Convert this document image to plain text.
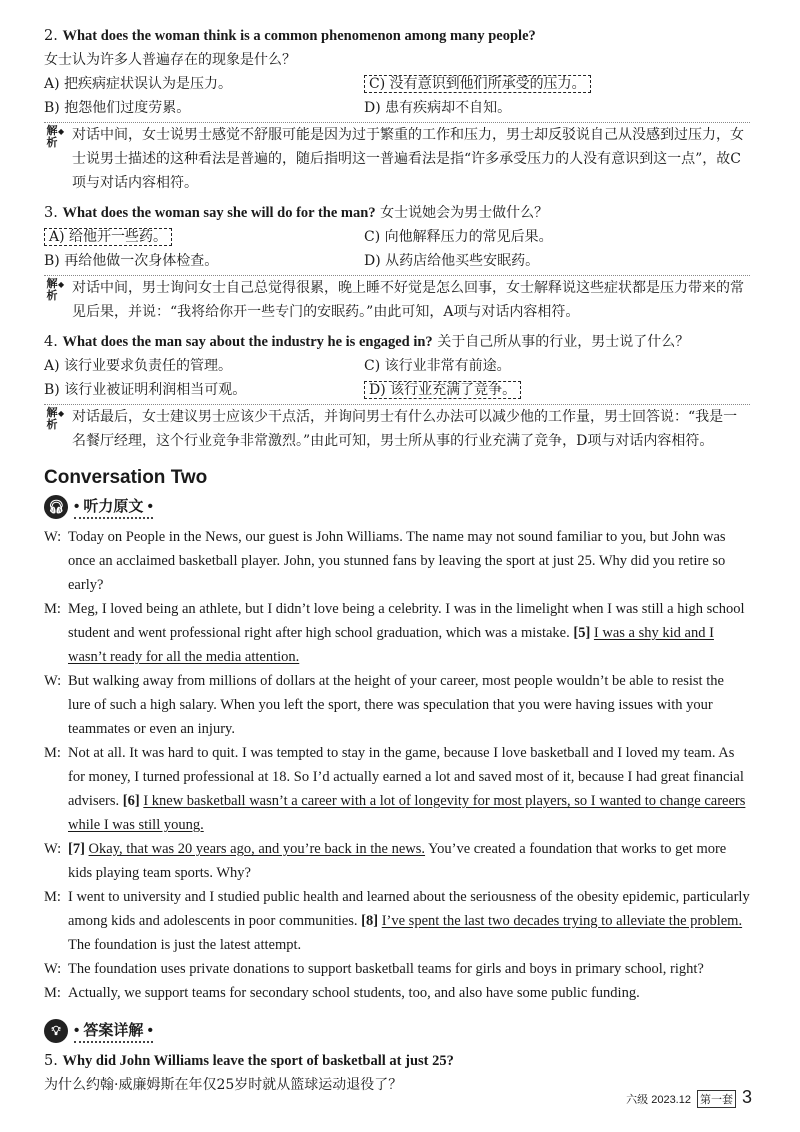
2. What does the woman think is a common phenomenon among many people?
女士认为许多人普遍存在的现象是什么？
A) 把疾病症状误认为是压力。	C) 没有意识到他们所承受的压力。
B) 抱怨他们过度劳累。	D) 患有疾病却不自知。
解析 ◆ 对话中间，女士说男士感觉不舒服可能是因为过于繁重的工作和压力，男士却反驳说自己从没感到过压力，女士说男士描述的这种看法是普遍的，随后指明这一普遍看法是指“许多承受压力的人没有意识到这一点”，故C项与对话内容相符。
3. What does the woman say she will do for the man? 女士说她会为男士做什么？
A) 给他开一些药。	C) 向他解释压力的常见后果。
B) 再给他做一次身体检查。	D) 从药店给他买些安眠药。
解析 ◆ 对话中间，男士询问女士自己总觉得很累，晚上睡不好觉是怎么回事，女士解释说这些症状都是压力带来的常见后果，并说：“我将给你开一些专门的安眠药。”由此可知，A项与对话内容相符。
4. What does the man say about the industry he is engaged in? 关于自己所从事的行业，男士说了什么？
A) 该行业要求负责任的管理。	C) 该行业非常有前途。
B) 该行业被证明利润相当可观。	D) 该行业充满了竞争。
解析 ◆ 对话最后，女士建议男士应该少干点活，并询问男士有什么办法可以减少他的工作量，男士回答说：“我是一名餐厅经理，这个行业竞争非常激烈。”由此可知，男士所从事的行业充满了竞争，D项与对话内容相符。
Conversation Two
🎧︎ • 听力原文 •
W: Today on People in the News, our guest is John Williams. The name may not sound familiar to you, but John was once an acclaimed basketball player. John, you stunned fans by leaving the sport at just 25. Why did you retire so early?
M: Meg, I loved being an athlete, but I didn’t love being a celebrity. I was in the limelight when I was still a high school student and went professional right after high school graduation, which was a mistake. [5] I was a shy kid and I wasn’t ready for all the media attention.
W: But walking away from millions of dollars at the height of your career, most people wouldn’t be able to resist the lure of such a high salary. When you left the sport, there was speculation that you were having issues with your teammates or even an injury.
M: Not at all. It was hard to quit. I was tempted to stay in the game, because I love basketball and I loved my team. As for money, I turned professional at 18. So I’d actually earned a lot and saved most of it, because I had great financial advisers. [6] I knew basketball wasn’t a career with a lot of longevity for most players, so I wanted to change careers while I was still young.
W: [7] Okay, that was 20 years ago, and you’re back in the news. You’ve created a foundation that works to get more kids playing team sports. Why?
M: I went to university and I studied public health and learned about the seriousness of the obesity epidemic, particularly among kids and adolescents in poor communities. [8] I’ve spent the last two decades trying to alleviate the problem. The foundation is just the latest attempt.
W: The foundation uses private donations to support basketball teams for girls and boys in primary school, right?
M: Actually, we support teams for secondary school students, too, and also have some public funding.
💡︎ • 答案详解 •
5. Why did John Williams leave the sport of basketball at just 25?
为什么约翰·威廉姆斯在年仅25岁时就从篮球运动退役了？
六级 2023.12 第一套 3
